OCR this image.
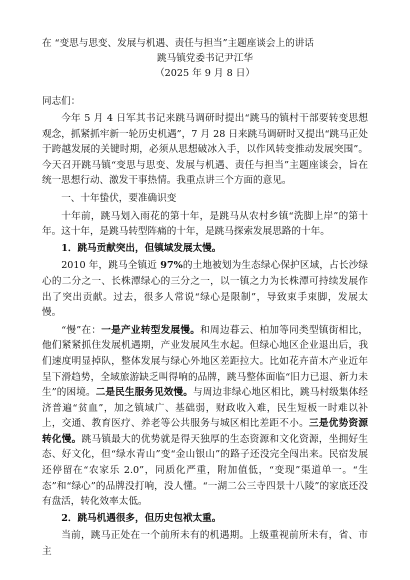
在 “变思与思变、发展与机遇、责任与担当”主题座谈会上的讲话

跳马镇党委书记尹江华

（2025 年 9 月 8 日）

同志们：

今年 5 月 4 日军其书记来跳马调研时提出“跳马的镇村干部要转变思想观念，抓紧抓牢新一轮历史机遇”，7 月 28 日来跳马调研时又提出“跳马正处于跨越发展的关键时期，必须从思想破冰入手，以作风转变推动发展突围”。今天召开跳马镇“变思与思变、发展与机遇、责任与担当”主题座谈会，旨在统一思想行动、激发干事热情。我重点讲三个方面的意见。

一、十年蛰伏，要准确识变

十年前，跳马划入雨花的第十年，是跳马从农村乡镇“洗脚上岸”的第十年。这十年，是跳马转型阵痛的十年，是跳马探索发展思路的十年。

1．跳马贡献突出，但镇域发展太慢。

2010 年，跳马全镇近 97%的土地被划为生态绿心保护区域，占长沙绿心的二分之一、长株潭绿心的三分之一，以一镇之力为长株潭可持续发展作出了突出贡献。过去，很多人常说“绿心是限制”，导致束手束脚，发展太慢。

“慢”在：一是产业转型发展慢。和周边暮云、柏加等同类型镇街相比，他们紧紧抓住发展机遇期，产业发展风生水起。但绿心地区企业退出后，我们速度明显掉队，整体发展与绿心外地区差距拉大。比如花卉苗木产业近年呈下滑趋势，全域旅游缺乏叫得响的品牌，跳马整体面临“旧力已退、新力未生”的困境。二是民生服务见效慢。与周边非绿心地区相比，跳马村级集体经济普遍“贫血”，加之镇域广、基础弱，财政收入难，民生短板一时难以补上，交通、教育医疗、养老等公共服务与城区相比差距不小。三是优势资源转化慢。跳马镇最大的优势就是得天独厚的生态资源和文化资源，坐拥好生态、好文化，但“绿水青山”变“金山银山”的路子还没完全闯出来。民宿发展还停留在“农家乐 2.0”，同质化严重，附加值低，“变现”渠道单一。“生态”和“绿心”的品牌没打响，没人懂。“一湖二公三寺四景十八陵”的家底还没有盘活，转化效率太低。

2．跳马机遇很多，但历史包袱太重。

当前，跳马正处在一个前所未有的机遇期。上级重视前所未有，省、市主
